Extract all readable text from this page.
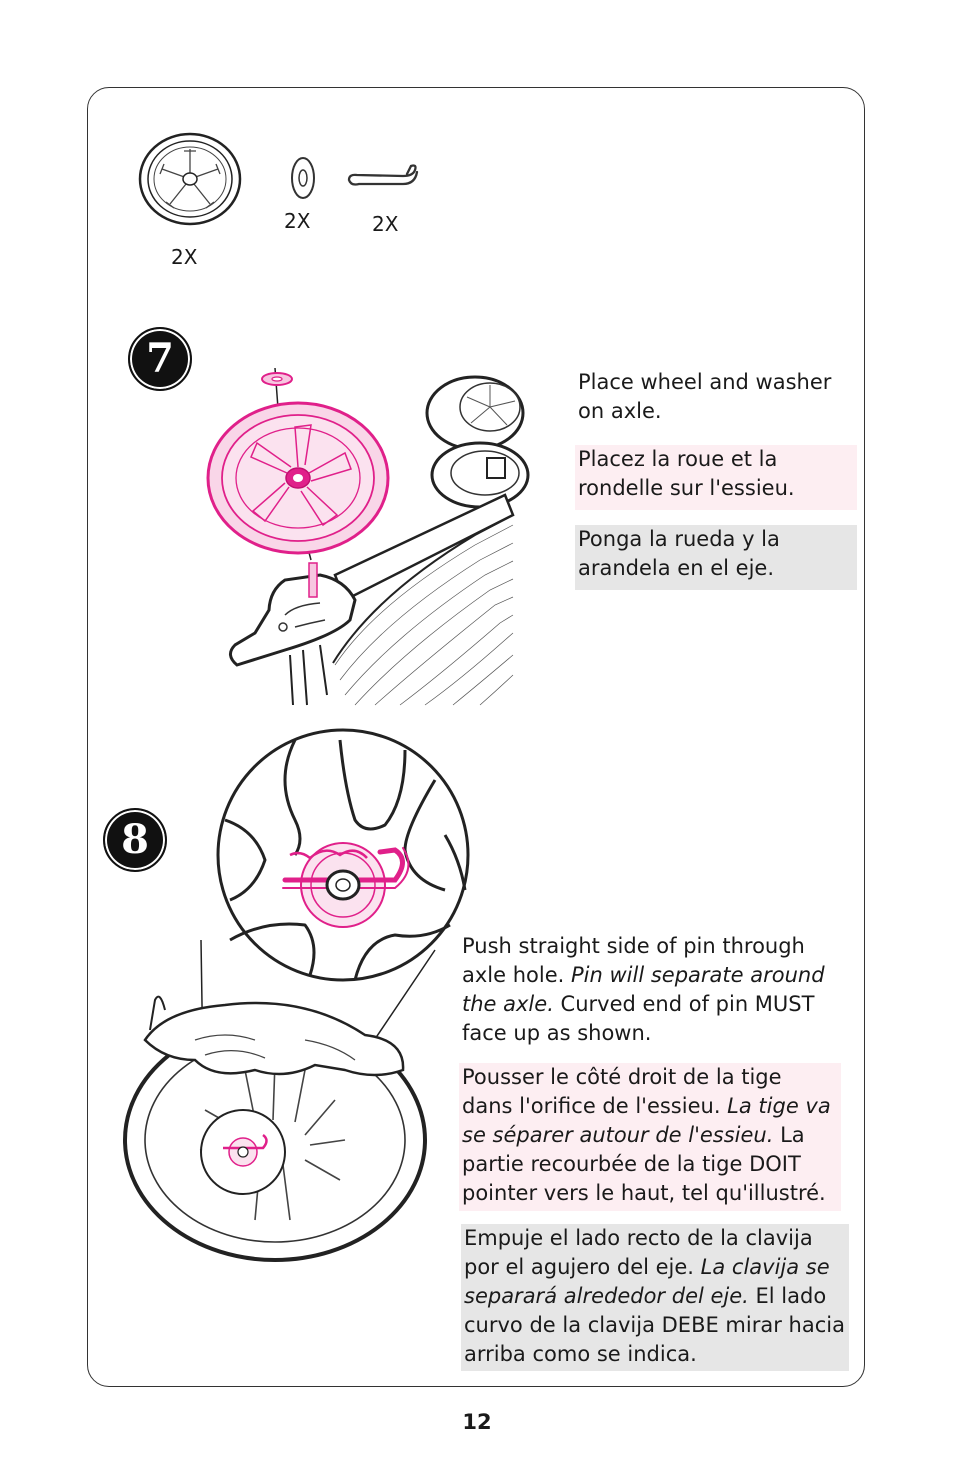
2X
2X	2X
7	Place wheel and washer on axle.
Placez la roue et la rondelle sur l'essieu.
Ponga la rueda y la arandela en el eje.
8
Push straight side of pin through axle hole. Pin will separate around the axle. Curved end of pin MUST face up as shown.
Pousser le côté droit de la tige dans l'orifice de l'essieu. La tige va se séparer autour de l'essieu. La partie recourbée de la tige DOIT pointer vers le haut, tel qu'illustré.
Empuje el lado recto de la clavija por el agujero del eje. La clavija se separará alrededor del eje. El lado curvo de la clavija DEBE mirar hacia arriba como se indica.
12
